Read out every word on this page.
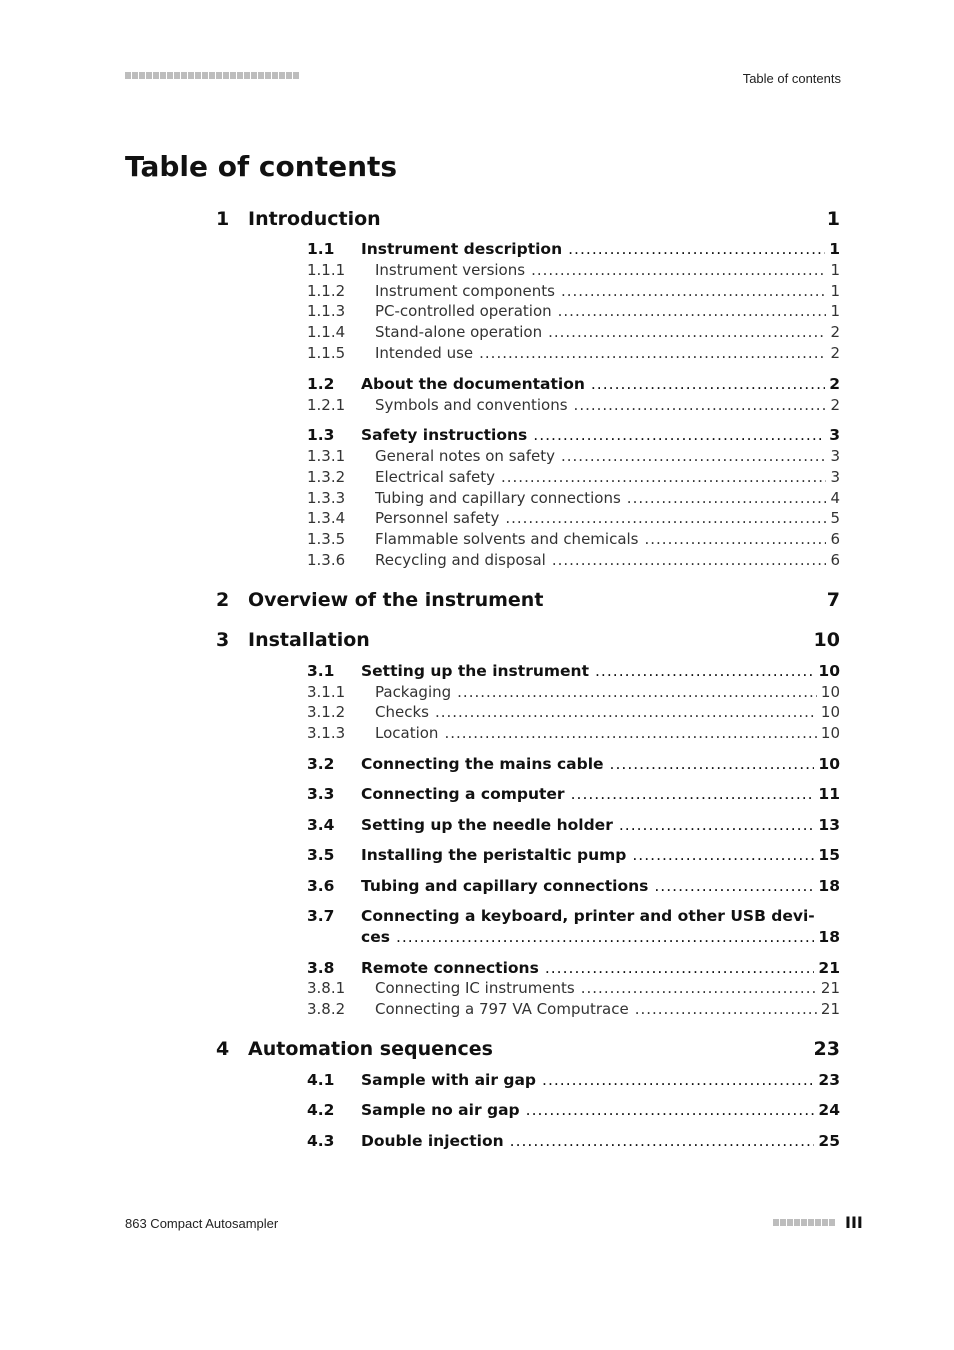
Table of contents
Table of contents
1 Introduction	1
1.1	Instrument description .....	1
1.1.1	Instrument versions .....	1
1.1.2	Instrument components .....	1
1.1.3	PC-controlled operation .....	1
1.1.4	Stand-alone operation .....	2
1.1.5	Intended use .....	2
1.2	About the documentation .....	2
1.2.1	Symbols and conventions .....	2
1.3	Safety instructions .....	3
1.3.1	General notes on safety .....	3
1.3.2	Electrical safety .....	3
1.3.3	Tubing and capillary connections .....	4
1.3.4	Personnel safety .....	5
1.3.5	Flammable solvents and chemicals .....	6
1.3.6	Recycling and disposal .....	6
2 Overview of the instrument	7
3 Installation	10
3.1	Setting up the instrument .....	10
3.1.1	Packaging .....	10
3.1.2	Checks .....	10
3.1.3	Location .....	10
3.2	Connecting the mains cable .....	10
3.3	Connecting a computer .....	11
3.4	Setting up the needle holder .....	13
3.5	Installing the peristaltic pump .....	15
3.6	Tubing and capillary connections .....	18
3.7	Connecting a keyboard, printer and other USB devi-
ces .....	18
3.8	Remote connections .....	21
3.8.1	Connecting IC instruments .....	21
3.8.2	Connecting a 797 VA Computrace .....	21
4 Automation sequences	23
4.1	Sample with air gap .....	23
4.2	Sample no air gap .....	24
4.3	Double injection .....	25
863 Compact Autosampler	III
